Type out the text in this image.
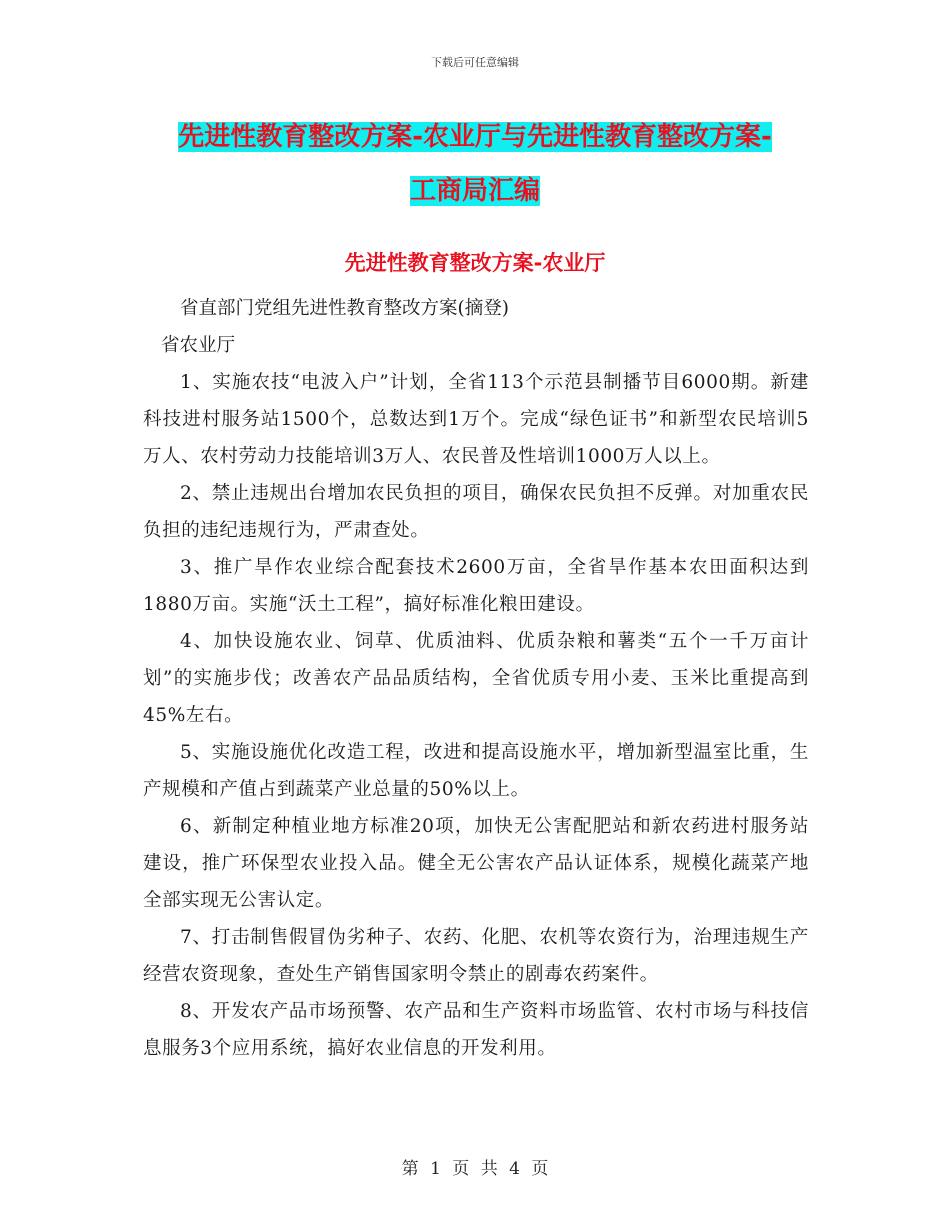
下载后可任意编辑
先进性教育整改方案-农业厅与先进性教育整改方案-
工商局汇编
先进性教育整改方案-农业厅

省直部门党组先进性教育整改方案(摘登)

省农业厅

1、实施农技“电波入户”计划，全省113个示范县制播节目6000期。新建科技进村服务站1500个，总数达到1万个。完成“绿色证书”和新型农民培训5万人、农村劳动力技能培训3万人、农民普及性培训1000万人以上。

2、禁止违规出台增加农民负担的项目，确保农民负担不反弹。对加重农民负担的违纪违规行为，严肃查处。

3、推广旱作农业综合配套技术2600万亩，全省旱作基本农田面积达到1880万亩。实施“沃土工程”，搞好标准化粮田建设。

4、加快设施农业、饲草、优质油料、优质杂粮和薯类“五个一千万亩计划”的实施步伐；改善农产品品质结构，全省优质专用小麦、玉米比重提高到45%左右。

5、实施设施优化改造工程，改进和提高设施水平，增加新型温室比重，生产规模和产值占到蔬菜产业总量的50%以上。

6、新制定种植业地方标准20项，加快无公害配肥站和新农药进村服务站建设，推广环保型农业投入品。健全无公害农产品认证体系，规模化蔬菜产地全部实现无公害认定。

7、打击制售假冒伪劣种子、农药、化肥、农机等农资行为，治理违规生产经营农资现象，查处生产销售国家明令禁止的剧毒农药案件。

8、开发农产品市场预警、农产品和生产资料市场监管、农村市场与科技信息服务3个应用系统，搞好农业信息的开发利用。

第 1 页 共 4 页
